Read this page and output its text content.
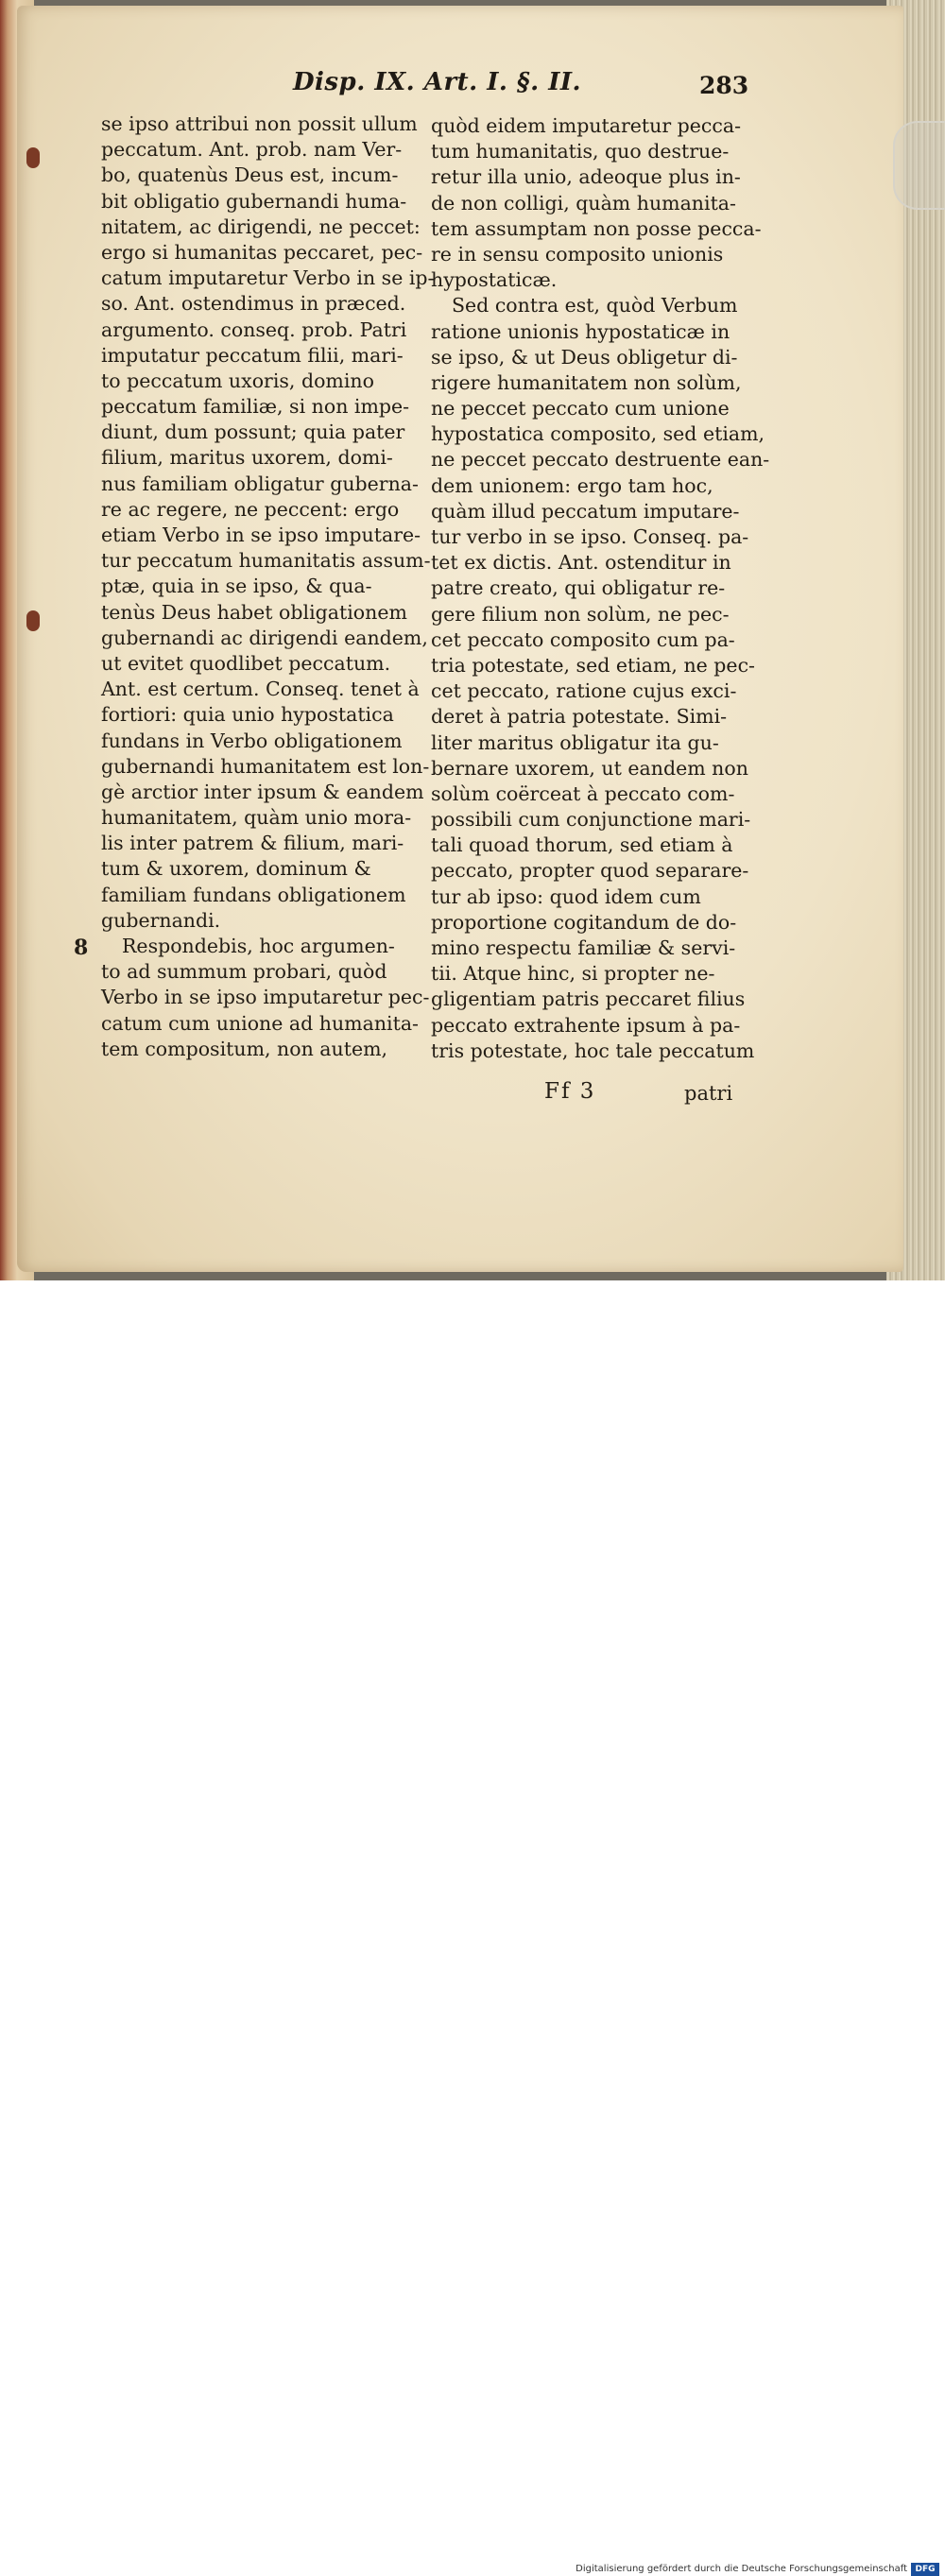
Disp. IX. Art. I. §. II.	283
se ipso attribui non possit ullum
peccatum. Ant. prob. nam Ver-
bo, quatenùs Deus est, incum-
bit obligatio gubernandi huma-
nitatem, ac dirigendi, ne peccet:
ergo si humanitas peccaret, pec-
catum imputaretur Verbo in se ip-
so. Ant. ostendimus in præced.
argumento. conseq. prob. Patri
imputatur peccatum filii, mari-
to peccatum uxoris, domino
peccatum familiæ, si non impe-
diunt, dum possunt; quia pater
filium, maritus uxorem, domi-
nus familiam obligatur guberna-
re ac regere, ne peccent: ergo
etiam Verbo in se ipso imputare-
tur peccatum humanitatis assum-
ptæ, quia in se ipso, & qua-
tenùs Deus habet obligationem
gubernandi ac dirigendi eandem,
ut evitet quodlibet peccatum.
Ant. est certum. Conseq. tenet à
fortiori: quia unio hypostatica
fundans in Verbo obligationem
gubernandi humanitatem est lon-
gè arctior inter ipsum & eandem
humanitatem, quàm unio mora-
lis inter patrem & filium, mari-
tum & uxorem, dominum &
familiam fundans obligationem
gubernandi.
Respondebis, hoc argumen-
to ad summum probari, quòd
Verbo in se ipso imputaretur pec-
catum cum unione ad humanita-
tem compositum, non autem,
8
quòd eidem imputaretur pecca-
tum humanitatis, quo destrue-
retur illa unio, adeoque plus in-
de non colligi, quàm humanita-
tem assumptam non posse pecca-
re in sensu composito unionis
hypostaticæ.
Sed contra est, quòd Verbum
ratione unionis hypostaticæ in
se ipso, & ut Deus obligetur di-
rigere humanitatem non solùm,
ne peccet peccato cum unione
hypostatica composito, sed etiam,
ne peccet peccato destruente ean-
dem unionem: ergo tam hoc,
quàm illud peccatum imputare-
tur verbo in se ipso. Conseq. pa-
tet ex dictis. Ant. ostenditur in
patre creato, qui obligatur re-
gere filium non solùm, ne pec-
cet peccato composito cum pa-
tria potestate, sed etiam, ne pec-
cet peccato, ratione cujus exci-
deret à patria potestate. Simi-
liter maritus obligatur ita gu-
bernare uxorem, ut eandem non
solùm coërceat à peccato com-
possibili cum conjunctione mari-
tali quoad thorum, sed etiam à
peccato, propter quod separare-
tur ab ipso: quod idem cum
proportione cogitandum de do-
mino respectu familiæ & servi-
tii. Atque hinc, si propter ne-
gligentiam patris peccaret filius
peccato extrahente ipsum à pa-
tris potestate, hoc tale peccatum
Ff 3	patri
Digitalisierung gefördert durch die Deutsche Forschungsgemeinschaft DFG
